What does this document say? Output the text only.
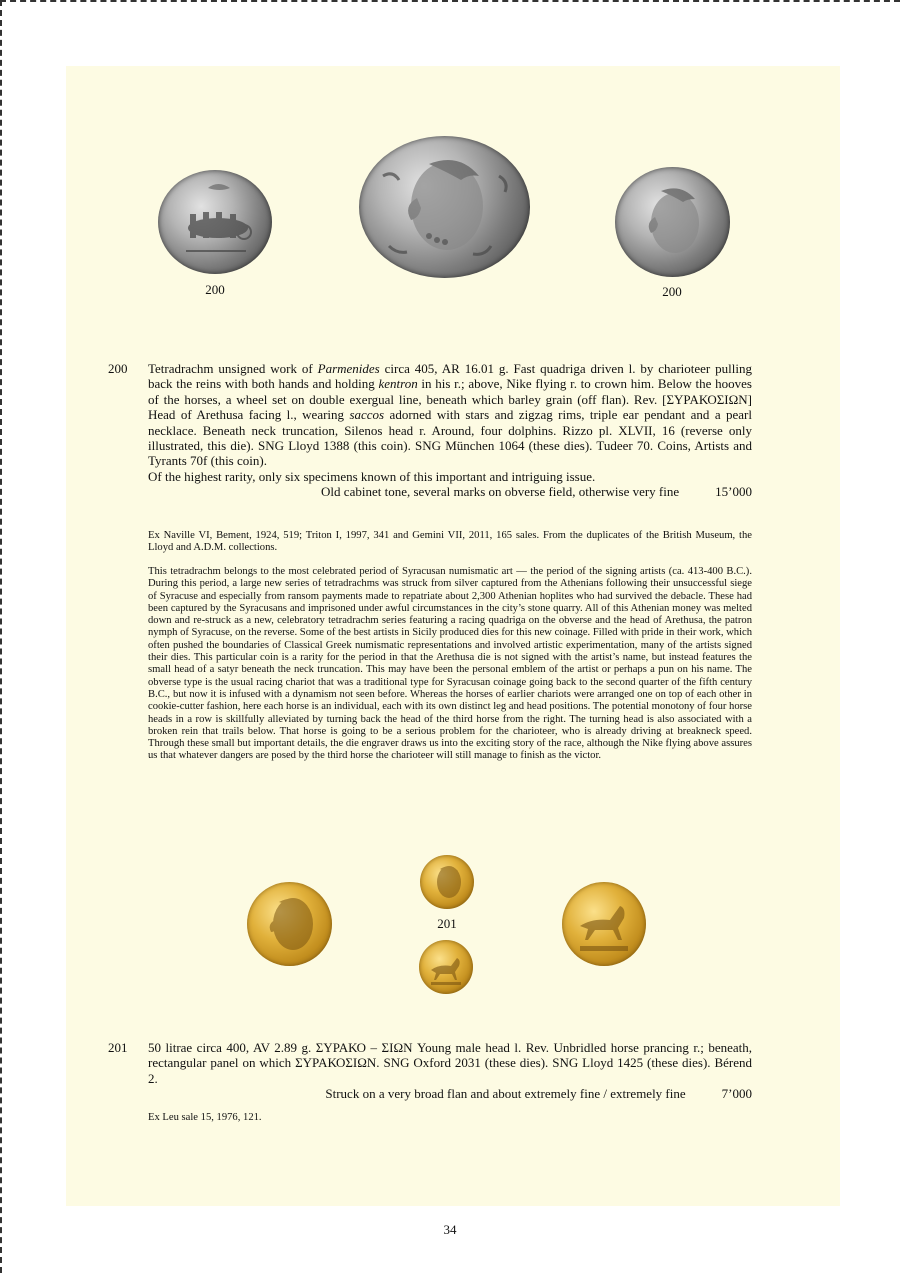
200	200
200 Tetradrachm unsigned work of Parmenides circa 405, AR 16.01 g. Fast quadriga driven l. by charioteer pulling back the reins with both hands and holding kentron in his r.; above, Nike flying r. to crown him. Below the hooves of the horses, a wheel set on double exergual line, beneath which barley grain (off flan). Rev. [ΣΥΡΑΚΟΣΙΩΝ] Head of Arethusa facing l., wearing saccos adorned with stars and zigzag rims, triple ear pendant and a pearl necklace. Beneath neck truncation, Silenos head r. Around, four dolphins. Rizzo pl. XLVII, 16 (reverse only illustrated, this die). SNG Lloyd 1388 (this coin). SNG München 1064 (these dies). Tudeer 70. Coins, Artists and Tyrants 70f (this coin).

Of the highest rarity, only six specimens known of this important and intriguing issue.

Old cabinet tone, several marks on obverse field, otherwise very fine	15’000

Ex Naville VI, Bement, 1924, 519; Triton I, 1997, 341 and Gemini VII, 2011, 165 sales. From the duplicates of the British Museum, the Lloyd and A.D.M. collections.

This tetradrachm belongs to the most celebrated period of Syracusan numismatic art — the period of the signing artists (ca. 413-400 B.C.). During this period, a large new series of tetradrachms was struck from silver captured from the Athenians following their unsuccessful siege of Syracuse and especially from ransom payments made to repatriate about 2,300 Athenian hoplites who had survived the debacle. These had been captured by the Syracusans and imprisoned under awful circumstances in the city’s stone quarry. All of this Athenian money was melted down and re-struck as a new, celebratory tetradrachm series featuring a racing quadriga on the obverse and the head of Arethusa, the patron nymph of Syracuse, on the reverse. Some of the best artists in Sicily produced dies for this new coinage. Filled with pride in their work, which often pushed the boundaries of Classical Greek numismatic representations and involved artistic experimentation, many of the artists signed their dies. This particular coin is a rarity for the period in that the Arethusa die is not signed with the artist’s name, but instead features the small head of a satyr beneath the neck truncation. This may have been the personal emblem of the artist or perhaps a pun on his name. The obverse type is the usual racing chariot that was a traditional type for Syracusan coinage going back to the second quarter of the fifth century B.C., but now it is infused with a dynamism not seen before. Whereas the horses of earlier chariots were arranged one on top of each other in cookie-cutter fashion, here each horse is an individual, each with its own distinct leg and head positions. The potential monotony of four horse heads in a row is skillfully alleviated by turning back the head of the third horse from the right. The turning head is also associated with a broken rein that trails below. That horse is going to be a serious problem for the charioteer, who is already driving at breakneck speed. Through these small but important details, the die engraver draws us into the exciting story of the race, although the Nike flying above assures us that whatever dangers are posed by the third horse the charioteer will still manage to finish as the victor.

201
201 50 litrae circa 400, AV 2.89 g. ΣΥΡΑΚΟ – ΣΙΩΝ Young male head l. Rev. Unbridled horse prancing r.; beneath, rectangular panel on which ΣΥΡΑΚΟΣΙΩΝ. SNG Oxford 2031 (these dies). SNG Lloyd 1425 (these dies). Bérend 2.

Struck on a very broad flan and about extremely fine / extremely fine	7’000

Ex Leu sale 15, 1976, 121.

34
